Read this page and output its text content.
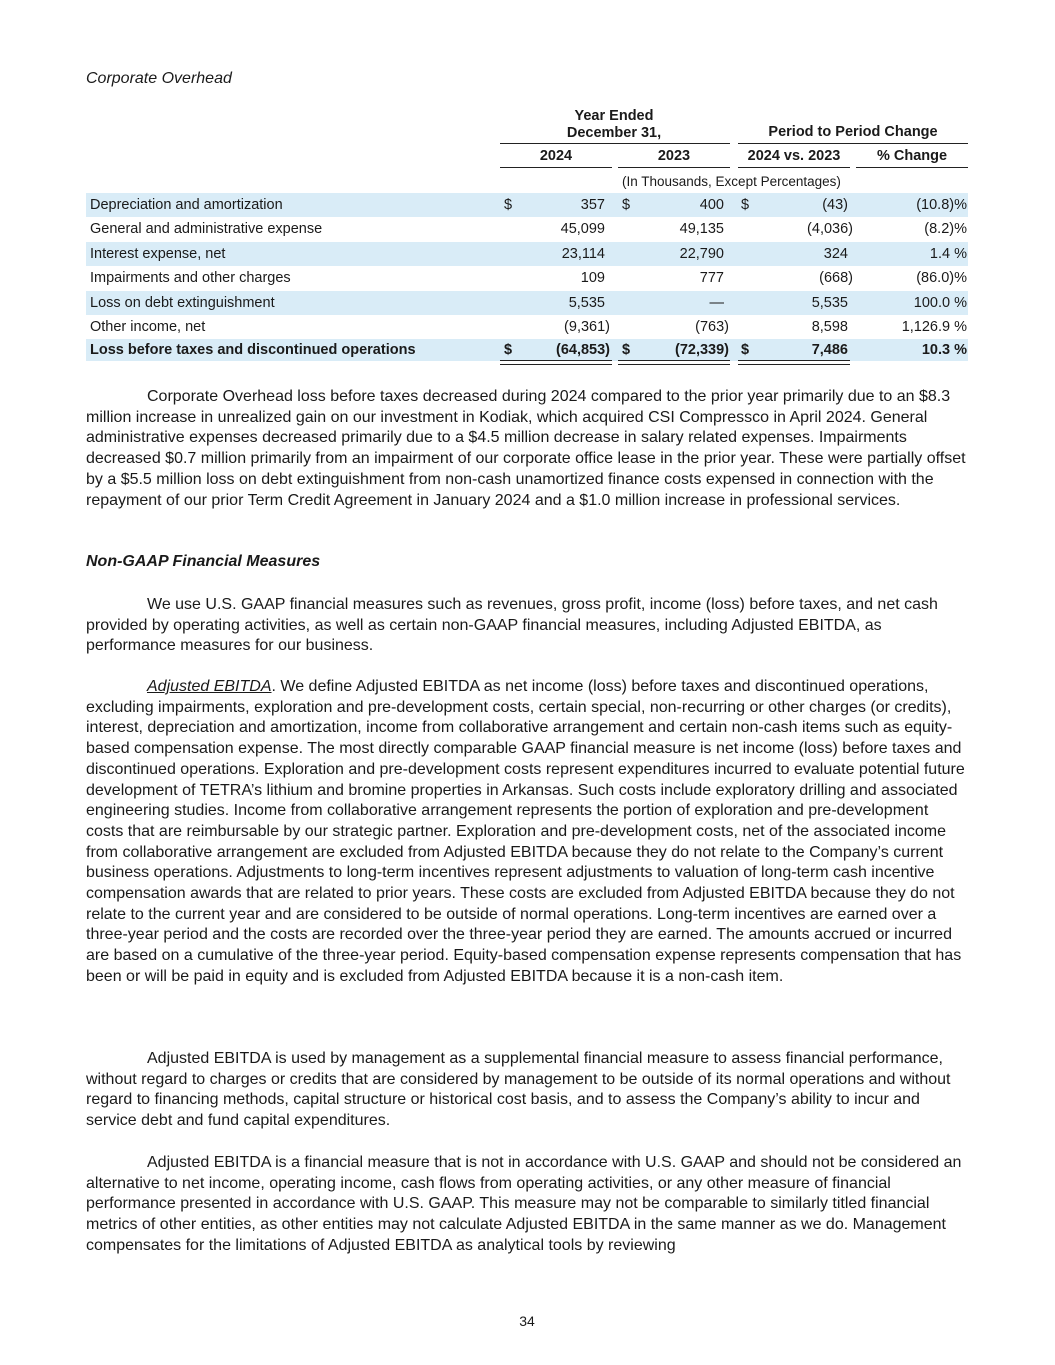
Corporate Overhead
Year Ended
December 31,	Period to Period Change
2024	2023	2024 vs. 2023	% Change
(In Thousands, Except Percentages)
Depreciation and amortization	$	357 $	400 $	(43)	(10.8)%
General and administrative expense	45,099	49,135	(4,036)	(8.2)%
Interest expense, net	23,114	22,790	324	1.4 %
Impairments and other charges	109	777	(668)	(86.0)%
Loss on debt extinguishment	5,535	—	5,535	100.0 %
Other income, net	(9,361)	(763)	8,598	1,126.9 %
Loss before taxes and discontinued operations	$	(64,853) $	(72,339) $	7,486	10.3 %

Corporate Overhead loss before taxes decreased during 2024 compared to the prior year primarily due to an $8.3 million increase in unrealized gain on our investment in Kodiak, which acquired CSI Compressco in April 2024. General administrative expenses decreased primarily due to a $4.5 million decrease in salary related expenses. Impairments decreased $0.7 million primarily from an impairment of our corporate office lease in the prior year. These were partially offset by a $5.5 million loss on debt extinguishment from non-cash unamortized finance costs expensed in connection with the repayment of our prior Term Credit Agreement in January 2024 and a $1.0 million increase in professional services.

Non-GAAP Financial Measures

We use U.S. GAAP financial measures such as revenues, gross profit, income (loss) before taxes, and net cash provided by operating activities, as well as certain non-GAAP financial measures, including Adjusted EBITDA, as performance measures for our business.

Adjusted EBITDA. We define Adjusted EBITDA as net income (loss) before taxes and discontinued operations, excluding impairments, exploration and pre-development costs, certain special, non-recurring or other charges (or credits), interest, depreciation and amortization, income from collaborative arrangement and certain non-cash items such as equity-based compensation expense. The most directly comparable GAAP financial measure is net income (loss) before taxes and discontinued operations. Exploration and pre-development costs represent expenditures incurred to evaluate potential future development of TETRA’s lithium and bromine properties in Arkansas. Such costs include exploratory drilling and associated engineering studies. Income from collaborative arrangement represents the portion of exploration and pre-development costs that are reimbursable by our strategic partner. Exploration and pre-development costs, net of the associated income from collaborative arrangement are excluded from Adjusted EBITDA because they do not relate to the Company’s current business operations. Adjustments to long-term incentives represent adjustments to valuation of long-term cash incentive compensation awards that are related to prior years. These costs are excluded from Adjusted EBITDA because they do not relate to the current year and are considered to be outside of normal operations. Long-term incentives are earned over a three-year period and the costs are recorded over the three-year period they are earned. The amounts accrued or incurred are based on a cumulative of the three-year period. Equity-based compensation expense represents compensation that has been or will be paid in equity and is excluded from Adjusted EBITDA because it is a non-cash item.

Adjusted EBITDA is used by management as a supplemental financial measure to assess financial performance, without regard to charges or credits that are considered by management to be outside of its normal operations and without regard to financing methods, capital structure or historical cost basis, and to assess the Company’s ability to incur and service debt and fund capital expenditures.

Adjusted EBITDA is a financial measure that is not in accordance with U.S. GAAP and should not be considered an alternative to net income, operating income, cash flows from operating activities, or any other measure of financial performance presented in accordance with U.S. GAAP. This measure may not be comparable to similarly titled financial metrics of other entities, as other entities may not calculate Adjusted EBITDA in the same manner as we do. Management compensates for the limitations of Adjusted EBITDA as analytical tools by reviewing

34
